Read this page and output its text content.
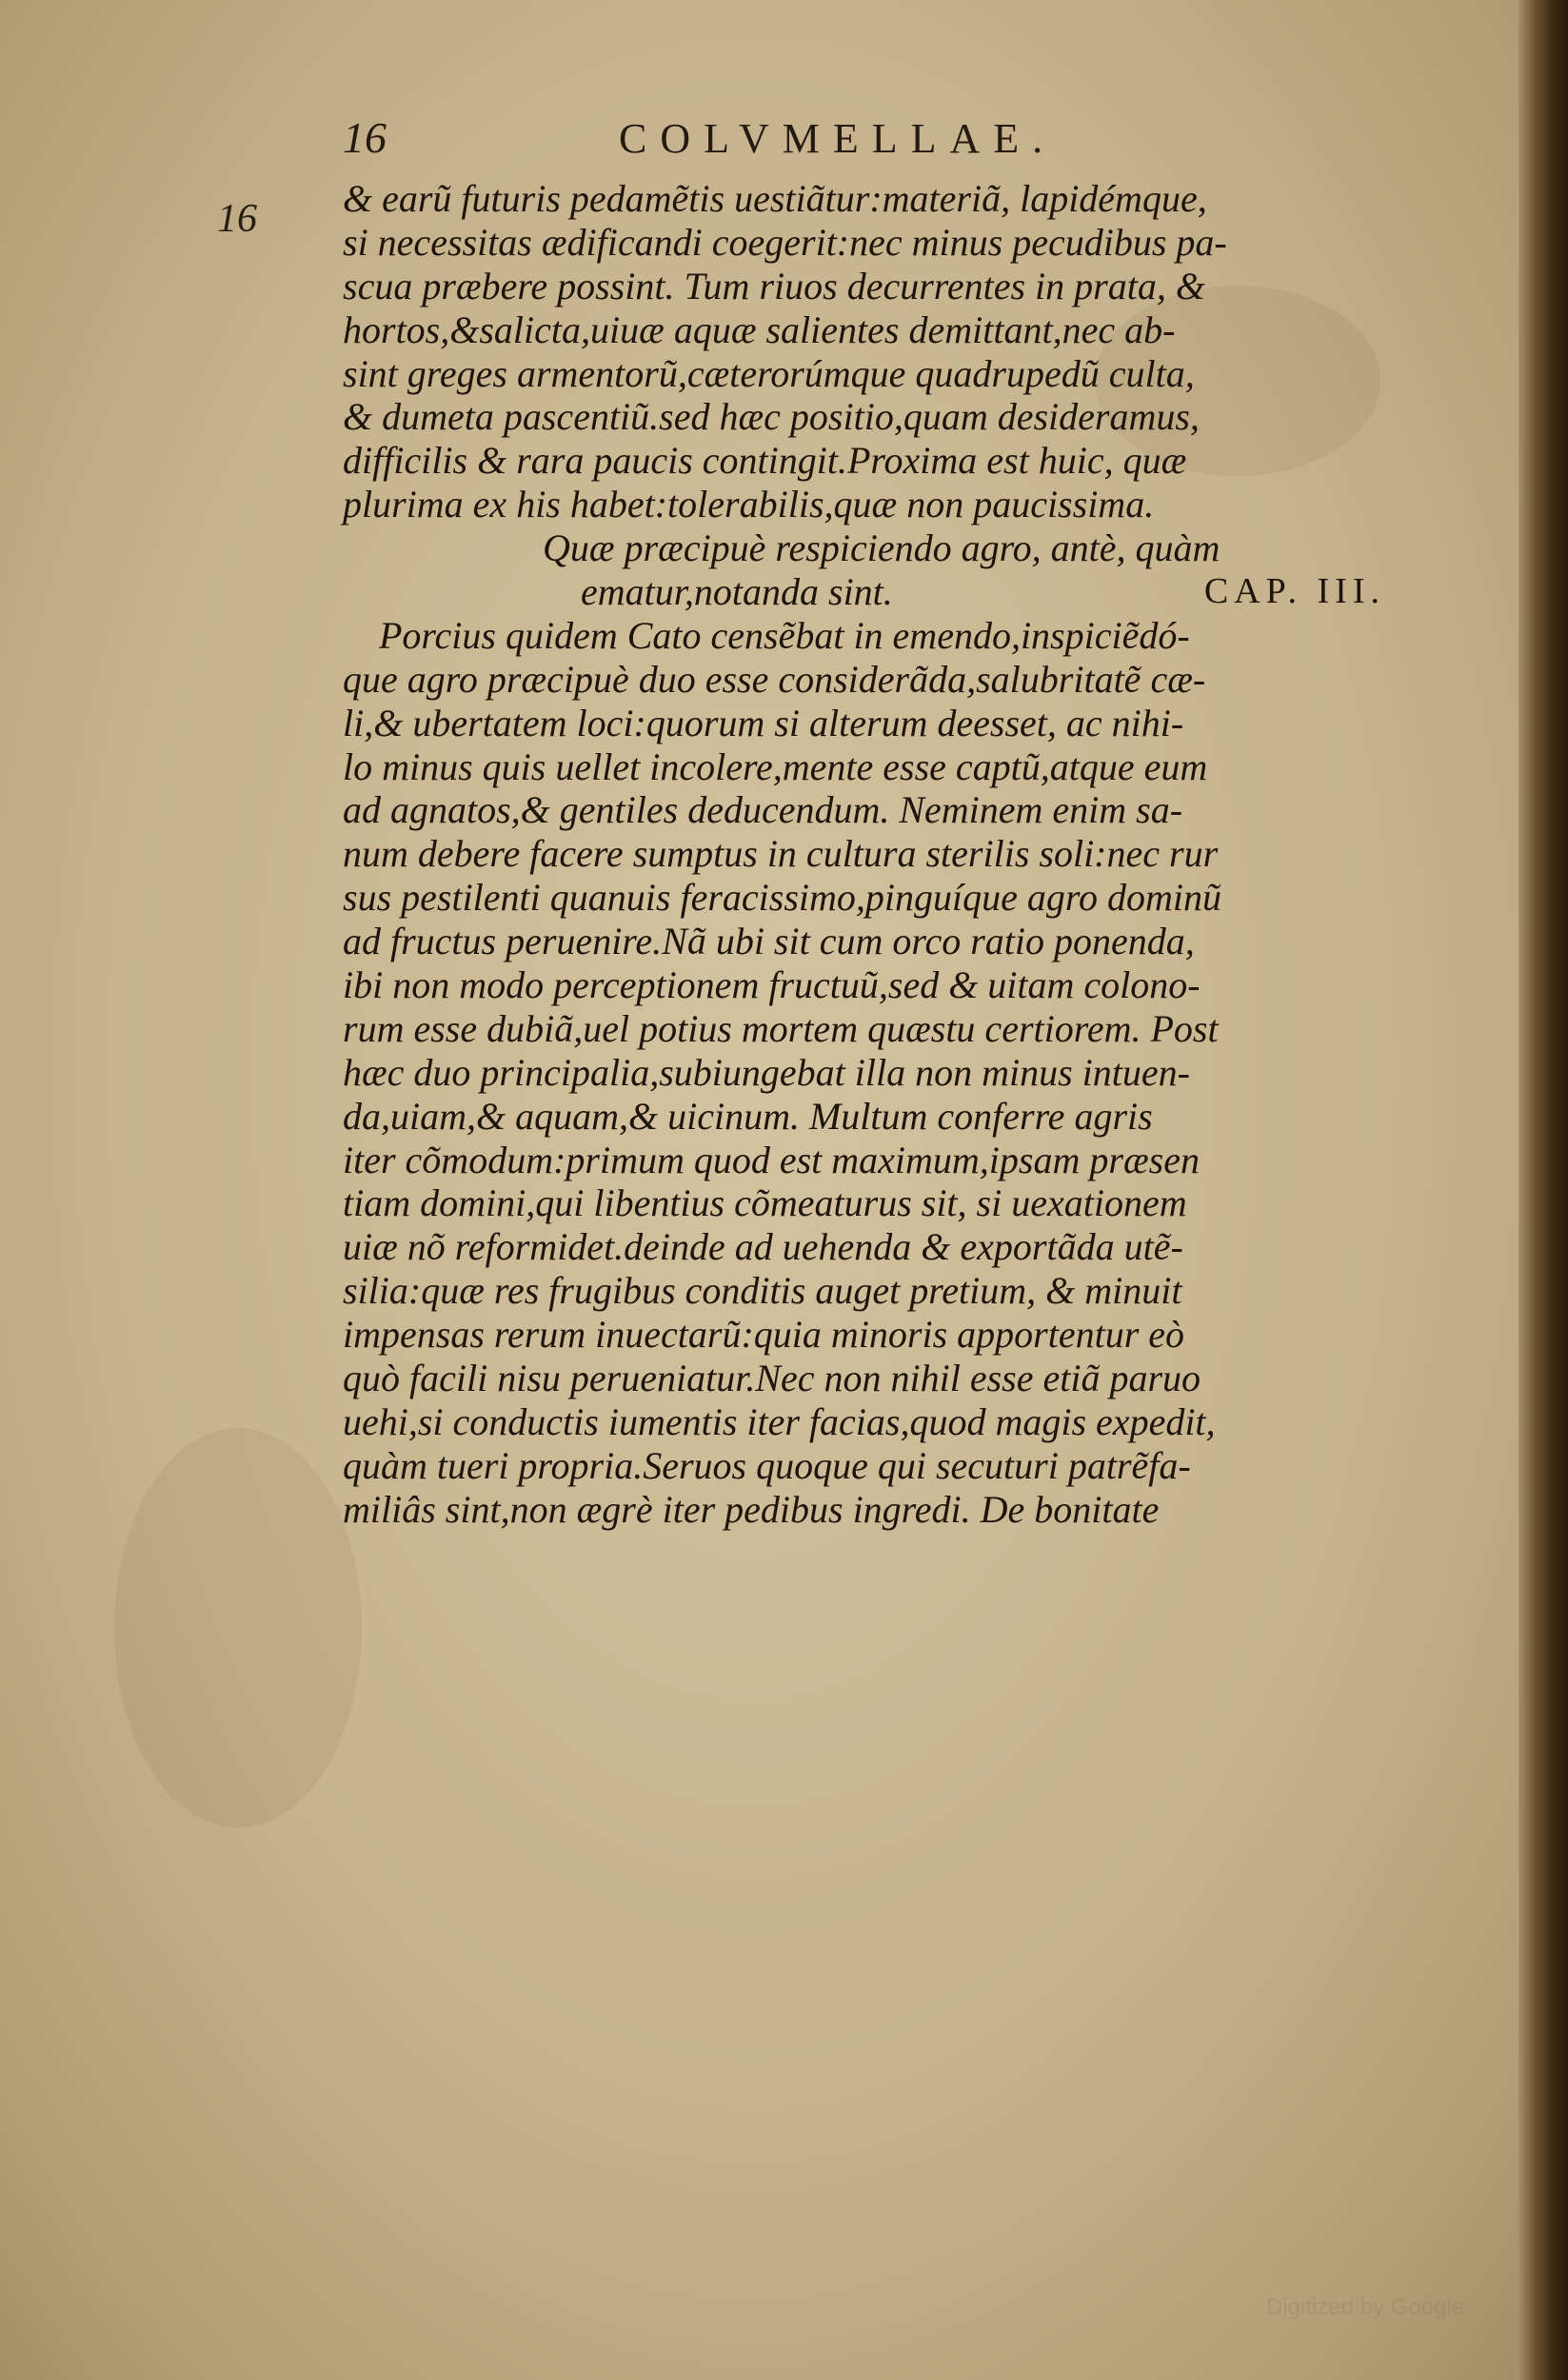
16	COLVMELLAE.
16 & earũ futuris pedamẽtis uestiãtur:materiã, lapidémque,
si necessitas ædificandi coegerit:nec minus pecudibus pa-
scua præbere possint. Tum riuos decurrentes in prata, &
hortos,&salicta,uiuæ aquæ salientes demittant,nec ab-
sint greges armentorũ,cæterorúmque quadrupedũ culta,
& dumeta pascentiũ.sed hæc positio,quam desideramus,
difficilis & rara paucis contingit.Proxima est huic, quæ
plurima ex his habet:tolerabilis,quæ non paucissima.
Quæ præcipuè respiciendo agro, antè, quàm
ematur,notanda sint.	CAP. III.
Porcius quidem Cato censẽbat in emendo,inspiciẽdó-
que agro præcipuè duo esse considerãda,salubritatẽ cæ-
li,& ubertatem loci:quorum si alterum deesset, ac nihi-
lo minus quis uellet incolere,mente esse captũ,atque eum
ad agnatos,& gentiles deducendum. Neminem enim sa-
num debere facere sumptus in cultura sterilis soli:nec rur
sus pestilenti quanuis feracissimo,pinguíque agro dominũ
ad fructus peruenire.Nã ubi sit cum orco ratio ponenda,
ibi non modo perceptionem fructuũ,sed & uitam colono-
rum esse dubiã,uel potius mortem quæstu certiorem. Post
hæc duo principalia,subiungebat illa non minus intuen-
da,uiam,& aquam,& uicinum. Multum conferre agris
iter cõmodum:primum quod est maximum,ipsam præsen
tiam domini,qui libentius cõmeaturus sit, si uexationem
uiæ nõ reformidet.deinde ad uehenda & exportãda utẽ-
silia:quæ res frugibus conditis auget pretium, & minuit
impensas rerum inuectarũ:quia minoris apportentur eò
quò facili nisu perueniatur.Nec non nihil esse etiã paruo
uehi,si conductis iumentis iter facias,quod magis expedit,
quàm tueri propria.Seruos quoque qui secuturi patrẽfa-
miliâs sint,non ægrè iter pedibus ingredi. De bonitate
Digitized by Google
